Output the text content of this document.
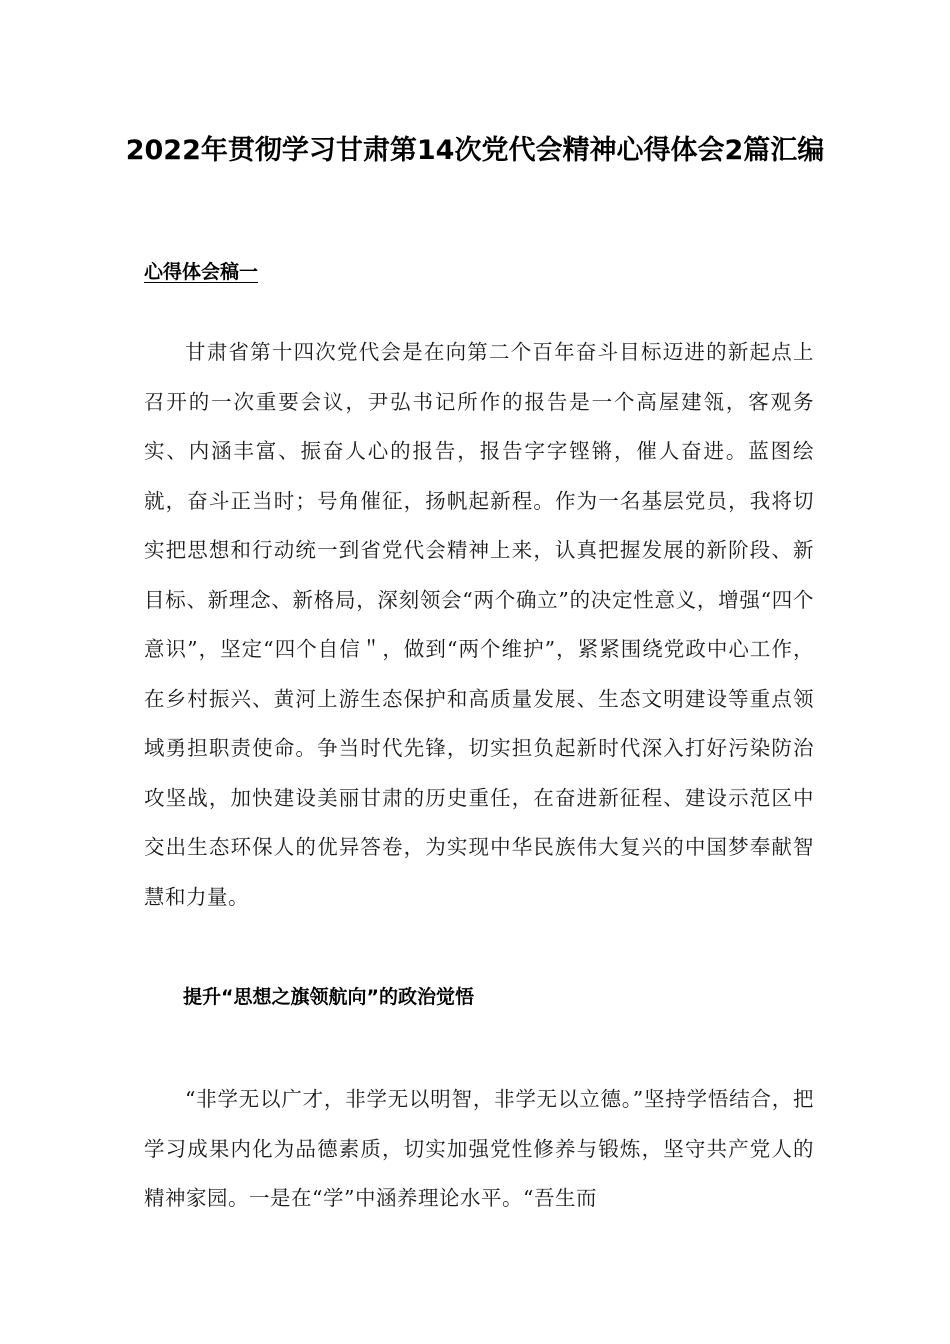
2022年贯彻学习甘肃第14次党代会精神心得体会2篇汇编
心得体会稿一

甘肃省第十四次党代会是在向第二个百年奋斗目标迈进的新起点上召开的一次重要会议，尹弘书记所作的报告是一个高屋建瓴，客观务实、内涵丰富、振奋人心的报告，报告字字铿锵，催人奋进。蓝图绘就，奋斗正当时；号角催征，扬帆起新程。作为一名基层党员，我将切实把思想和行动统一到省党代会精神上来，认真把握发展的新阶段、新目标、新理念、新格局，深刻领会“两个确立”的决定性意义，增强“四个意识”，坚定“四个自信＂，做到“两个维护”，紧紧围绕党政中心工作，在乡村振兴、黄河上游生态保护和高质量发展、生态文明建设等重点领域勇担职责使命。争当时代先锋，切实担负起新时代深入打好污染防治攻坚战，加快建设美丽甘肃的历史重任，在奋进新征程、建设示范区中交出生态环保人的优异答卷，为实现中华民族伟大复兴的中国梦奉献智慧和力量。

提升“思想之旗领航向”的政治觉悟

“非学无以广才，非学无以明智，非学无以立德。”坚持学悟结合，把学习成果内化为品德素质，切实加强党性修养与锻炼，坚守共产党人的精神家园。一是在“学”中涵养理论水平。“吾生而
